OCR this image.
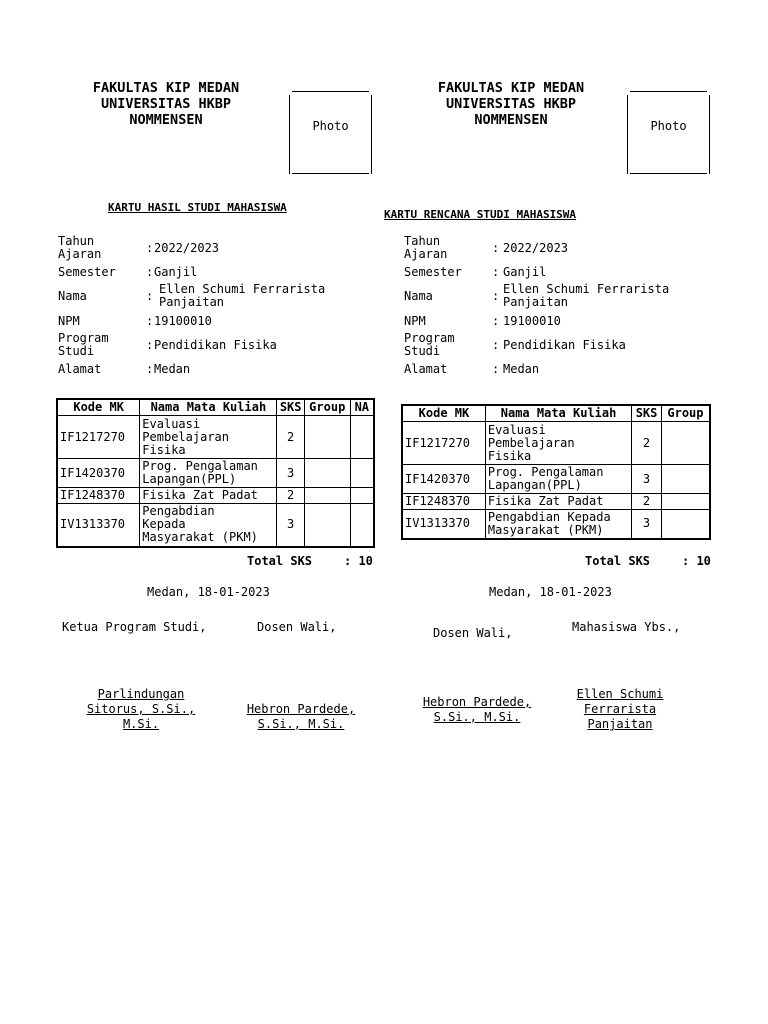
FAKULTAS KIP MEDAN
UNIVERSITAS HKBP
NOMMENSEN	Photo
KARTU HASIL STUDI MAHASISWA
Tahun
Ajaran	: 2022/2023
Semester	: Ganjil
Nama	: Ellen Schumi Ferrarista
Panjaitan
NPM	: 19100010
Program
Studi	: Pendidikan Fisika
Alamat	: Medan
Kode MK	Nama Mata Kuliah	SKS	Group	NA
IF1217270	Evaluasi
Pembelajaran
Fisika	2		
IF1420370	Prog. Pengalaman
Lapangan(PPL)	3		
IF1248370	Fisika Zat Padat	2		
IV1313370	Pengabdian
Kepada
Masyarakat (PKM)	3		
Total SKS	: 10
Medan, 18-01-2023
Ketua Program Studi,	Dosen Wali,
Parlindungan
Sitorus, S.Si.,
M.Si.
Hebron Pardede,
S.Si., M.Si.
FAKULTAS KIP MEDAN
UNIVERSITAS HKBP
NOMMENSEN	Photo
KARTU RENCANA STUDI MAHASISWA
Tahun
Ajaran	: 2022/2023
Semester	: Ganjil
Nama	: Ellen Schumi Ferrarista
Panjaitan
NPM	: 19100010
Program
Studi	: Pendidikan Fisika
Alamat	: Medan
Kode MK	Nama Mata Kuliah	SKS	Group
IF1217270	Evaluasi
Pembelajaran
Fisika	2	
IF1420370	Prog. Pengalaman
Lapangan(PPL)	3	
IF1248370	Fisika Zat Padat	2	
IV1313370	Pengabdian Kepada
Masyarakat (PKM)	3	
Total SKS	: 10
Medan, 18-01-2023
Dosen Wali,	Mahasiswa Ybs.,
Hebron Pardede,
S.Si., M.Si.
Ellen Schumi
Ferrarista
Panjaitan
